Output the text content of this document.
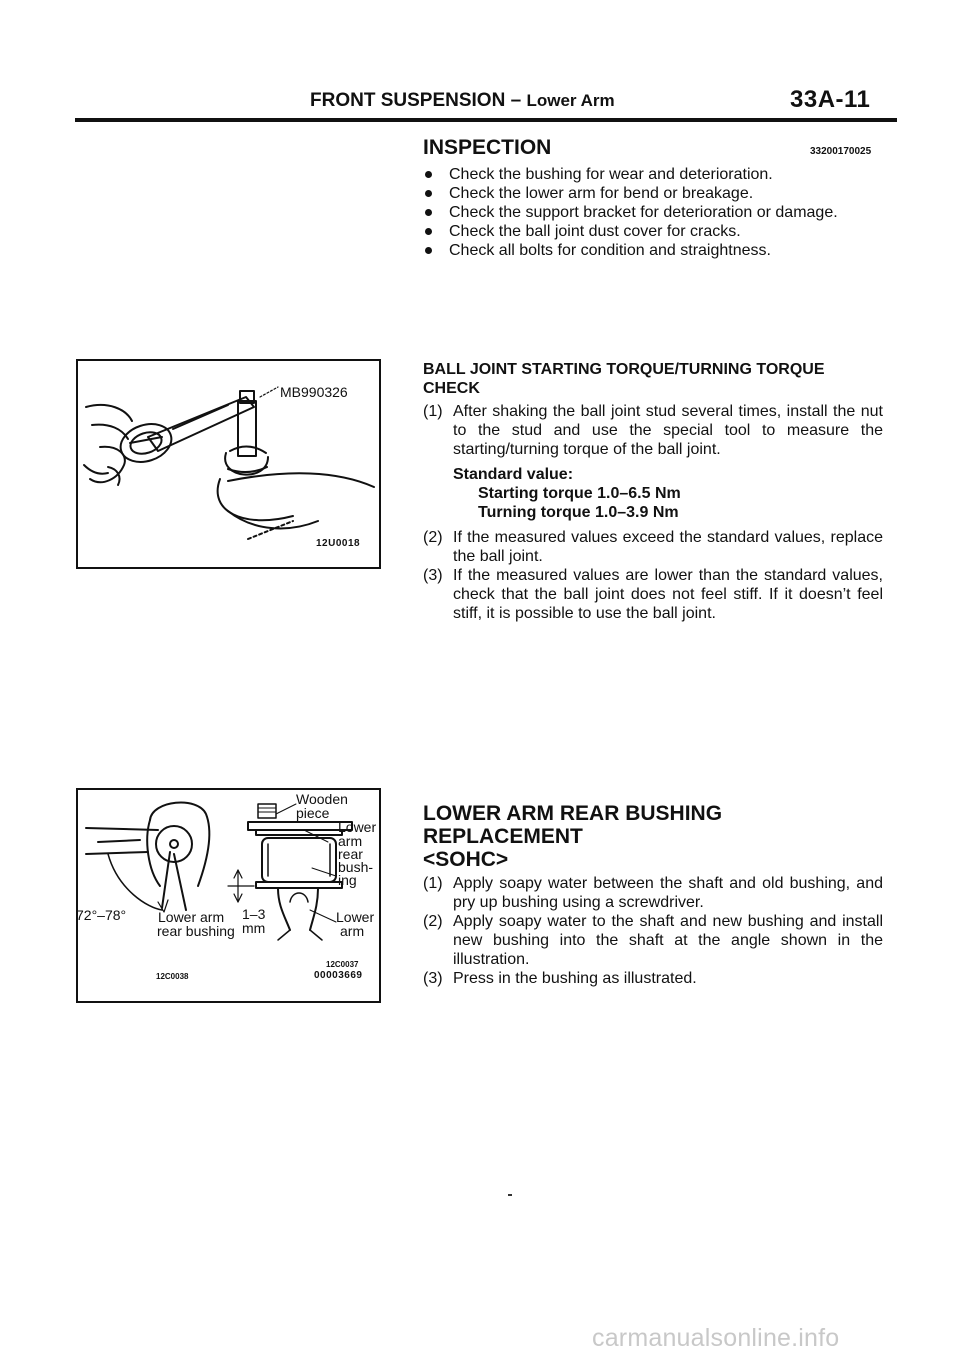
FRONT SUSPENSION – Lower Arm	33A-11
INSPECTION	33200170025
Check the bushing for wear and deterioration.
Check the lower arm for bend or breakage.
Check the support bracket for deterioration or damage.
Check the ball joint dust cover for cracks.
Check all bolts for condition and straightness.
MB990326
12U0018
BALL JOINT STARTING TORQUE/TURNING TORQUE CHECK
(1) After shaking the ball joint stud several times, install the nut to the stud and use the special tool to measure the starting/turning torque of the ball joint.
Standard value:
Starting torque 1.0–6.5 Nm
Turning torque 1.0–3.9 Nm
(2) If the measured values exceed the standard values, replace the ball joint.
(3) If the measured values are lower than the standard values, check that the ball joint does not feel stiff. If it doesn’t feel stiff, it is possible to use the ball joint.
72°–78° Lower arm
rear bushing
1–3
mm
Wooden
piece
Lower
arm
rear
bush-
ing
Lower
arm
12C0038
12C0037
00003669
LOWER ARM REAR BUSHING REPLACEMENT
<SOHC>
(1) Apply soapy water between the shaft and old bushing, and pry up bushing using a screwdriver.
(2) Apply soapy water to the shaft and new bushing and install new bushing into the shaft at the angle shown in the illustration.
(3) Press in the bushing as illustrated.
carmanualsonline.info
